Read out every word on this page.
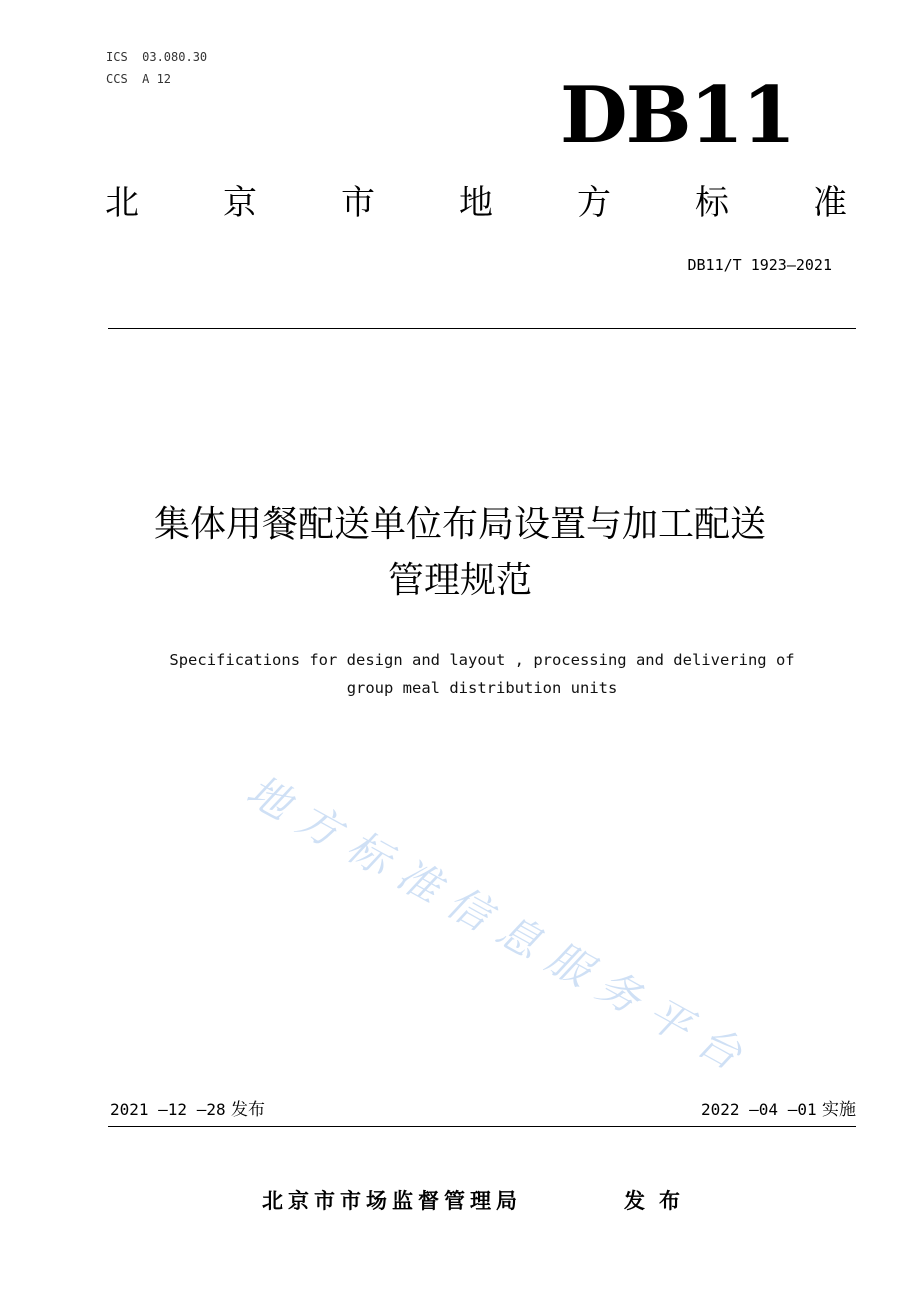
ICS  03.080.30
CCS  A 12	DB11
北 京 市 地 方 标 准
DB11/T 1923—2021
集体用餐配送单位布局设置与加工配送
管理规范
Specifications for design and layout , processing and delivering of
group meal distribution units
地
方
标
准
信
息
服
务
平
台
2021 —12 —28 发布	2022 —04 —01 实施
北京市市场监督管理局	发布
